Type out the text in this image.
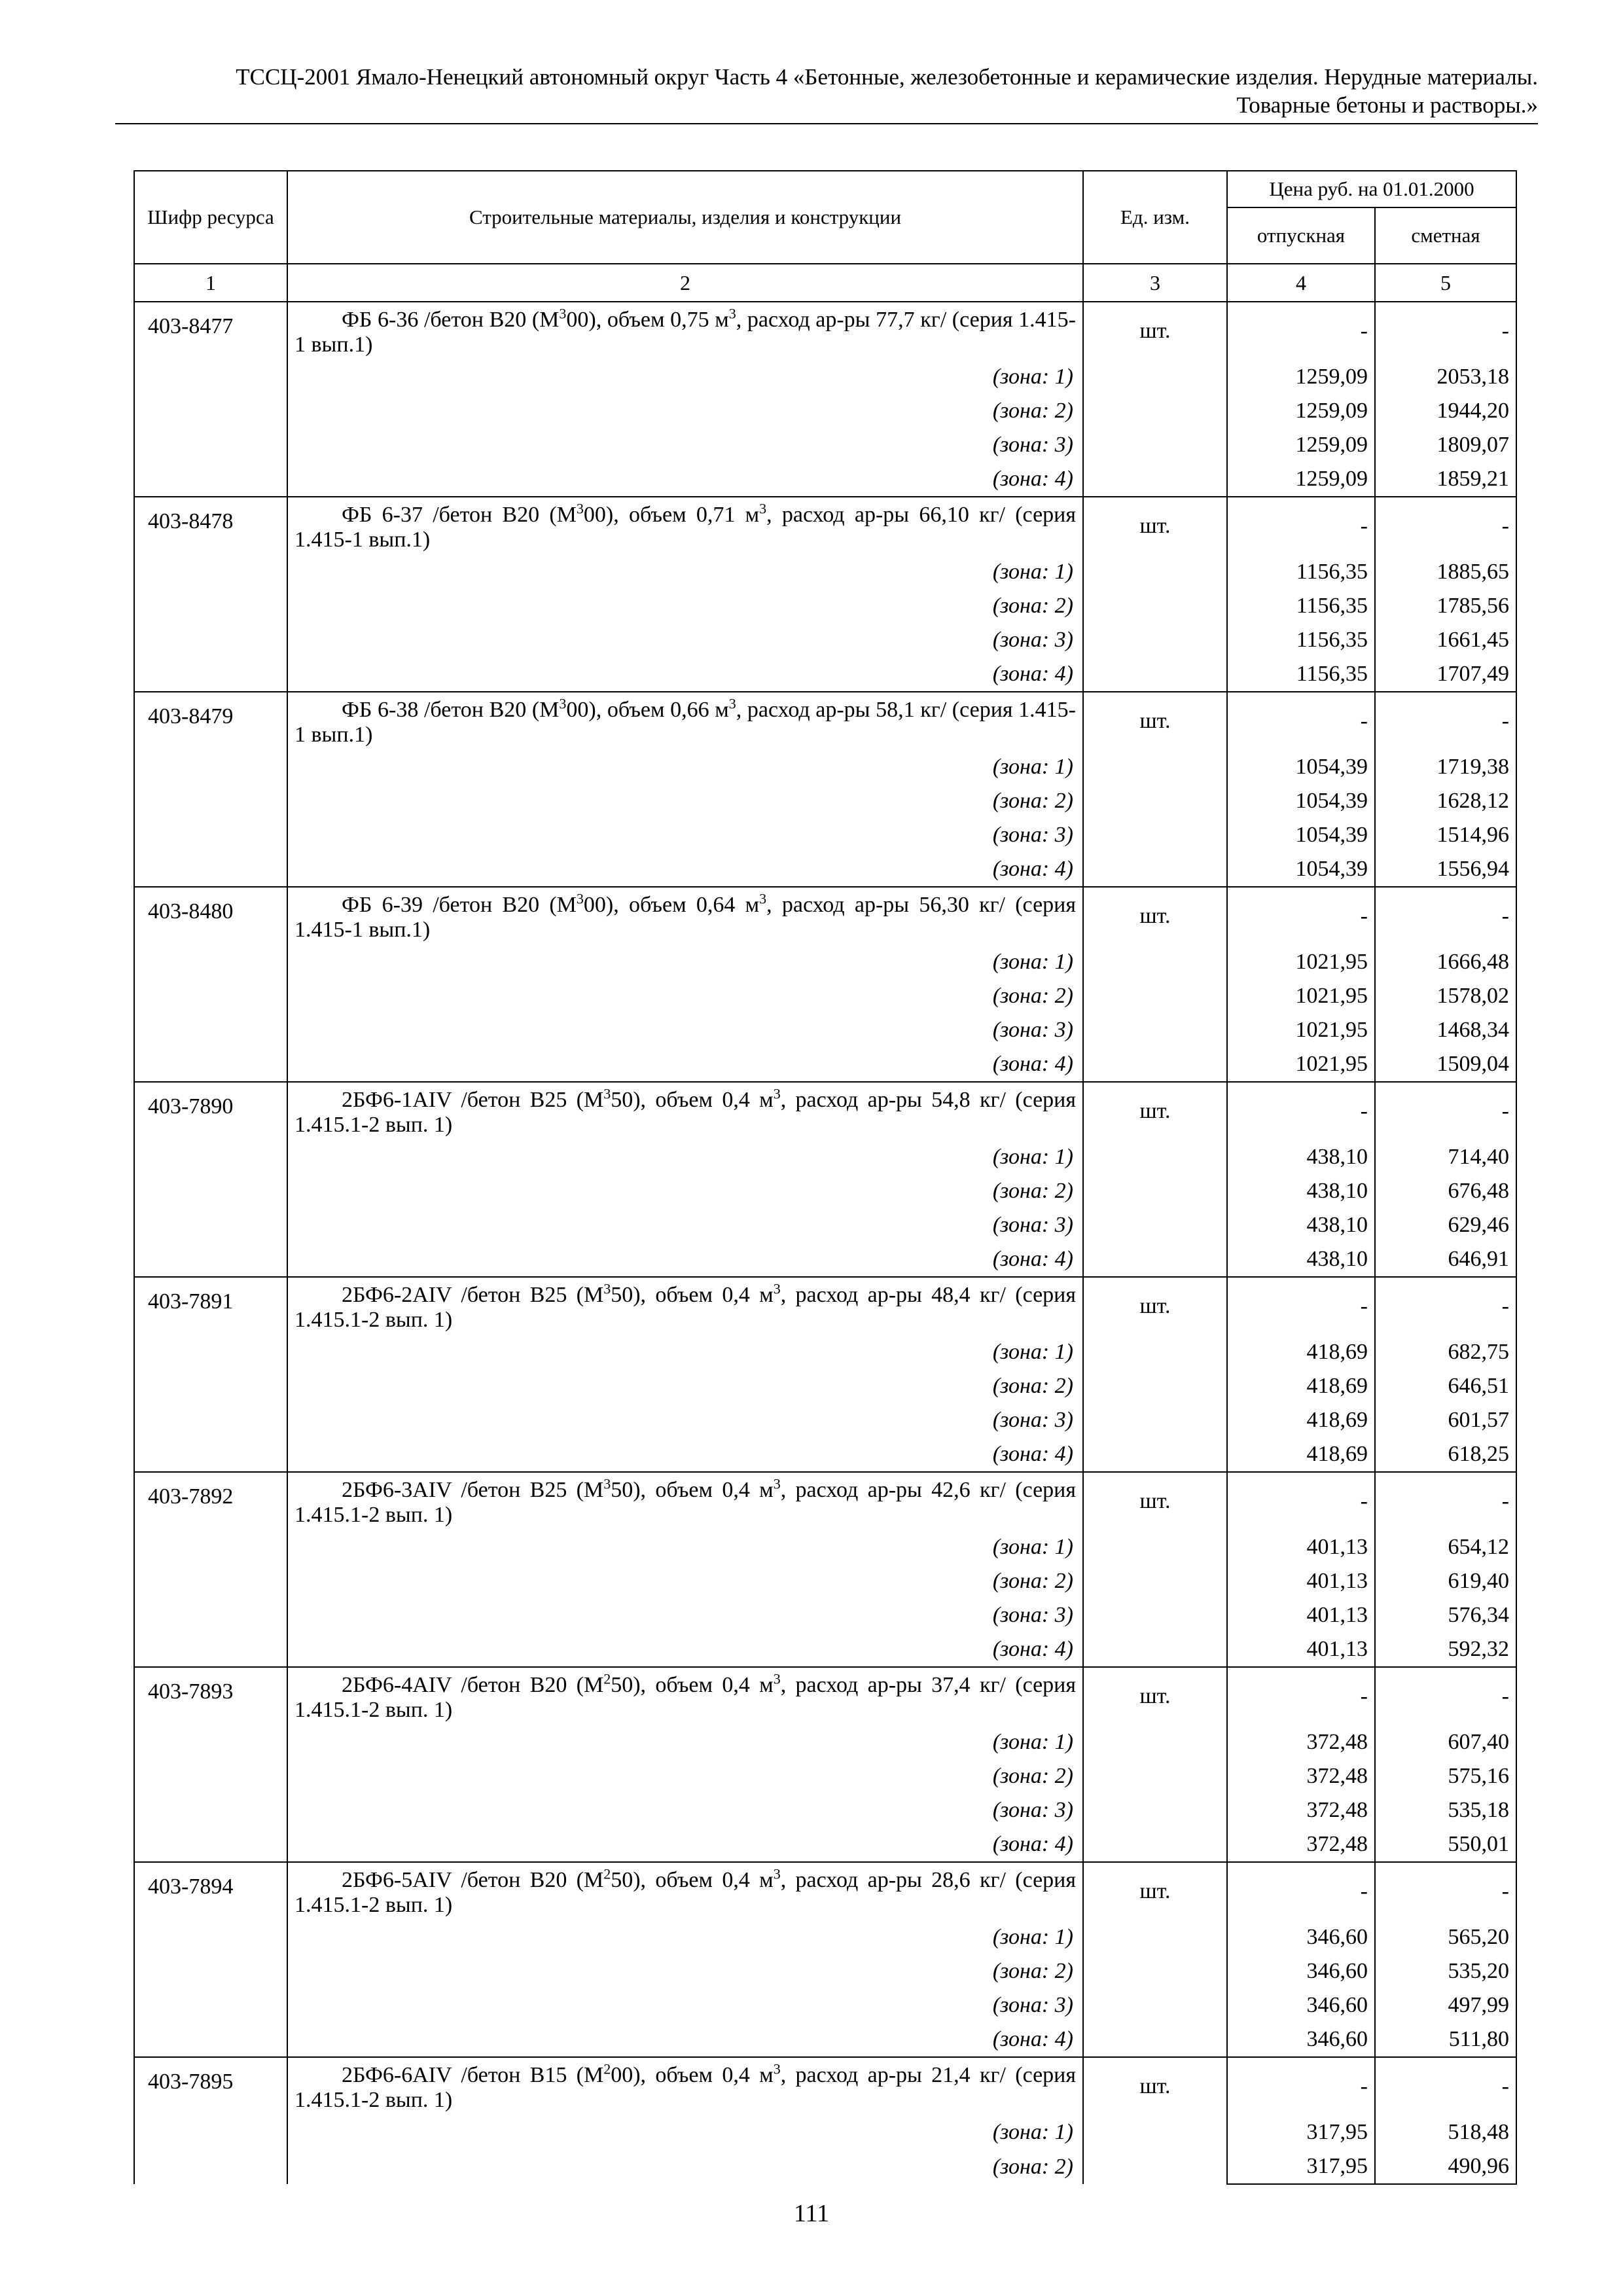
ТССЦ-2001 Ямало-Ненецкий автономный округ Часть 4 «Бетонные, железобетонные и керамические изделия. Нерудные материалы.
Товарные бетоны и растворы.»
Шифр ресурса	Строительные материалы, изделия и конструкции	Ед. изм.	Цена руб. на 01.01.2000	
			отпускная	сметная
1	2	3	4	5
403-8477	ФБ 6-36 /бетон В20 $(М^300)$, объем 0,75 $м^3$, расход ар-ры 77,7 кг/ (серия 1.415-1 вып.1)	шт.	-	-
	(зона: 1)		1259,09	2053,18
	(зона: 2)		1259,09	1944,20
	(зона: 3)		1259,09	1809,07
	(зона: 4)		1259,09	1859,21
403-8478	ФБ 6-37 /бетон В20 $(М^300)$, объем 0,71 $м^3$, расход ар-ры 66,10 кг/ (серия 1.415-1 вып.1)	шт.	-	-
	(зона: 1)		1156,35	1885,65
	(зона: 2)		1156,35	1785,56
	(зона: 3)		1156,35	1661,45
	(зона: 4)		1156,35	1707,49
403-8479	ФБ 6-38 /бетон В20 $(М^300)$, объем 0,66 $м^3$, расход ар-ры 58,1 кг/ (серия 1.415-1 вып.1)	шт.	-	-
	(зона: 1)		1054,39	1719,38
	(зона: 2)		1054,39	1628,12
	(зона: 3)		1054,39	1514,96
	(зона: 4)		1054,39	1556,94
403-8480	ФБ 6-39 /бетон В20 $(М^300)$, объем 0,64 $м^3$, расход ар-ры 56,30 кг/ (серия 1.415-1 вып.1)	шт.	-	-
	(зона: 1)		1021,95	1666,48
	(зона: 2)		1021,95	1578,02
	(зона: 3)		1021,95	1468,34
	(зона: 4)		1021,95	1509,04
403-7890	2БФ6-1АIV /бетон В25 $(М^350)$, объем 0,4 $м^3$, расход ар-ры 54,8 кг/ (серия 1.415.1-2 вып. 1)	шт.	-	-
	(зона: 1)		438,10	714,40
	(зона: 2)		438,10	676,48
	(зона: 3)		438,10	629,46
	(зона: 4)		438,10	646,91
403-7891	2БФ6-2АIV /бетон В25 $(М^350)$, объем 0,4 $м^3$, расход ар-ры 48,4 кг/ (серия 1.415.1-2 вып. 1)	шт.	-	-
	(зона: 1)		418,69	682,75
	(зона: 2)		418,69	646,51
	(зона: 3)		418,69	601,57
	(зона: 4)		418,69	618,25
403-7892	2БФ6-3АIV /бетон В25 $(М^350)$, объем 0,4 $м^3$, расход ар-ры 42,6 кг/ (серия 1.415.1-2 вып. 1)	шт.	-	-
	(зона: 1)		401,13	654,12
	(зона: 2)		401,13	619,40
	(зона: 3)		401,13	576,34
	(зона: 4)		401,13	592,32
403-7893	2БФ6-4АIV /бетон В20 $(М^250)$, объем 0,4 $м^3$, расход ар-ры 37,4 кг/ (серия 1.415.1-2 вып. 1)	шт.	-	-
	(зона: 1)		372,48	607,40
	(зона: 2)		372,48	575,16
	(зона: 3)		372,48	535,18
	(зона: 4)		372,48	550,01
403-7894	2БФ6-5АIV /бетон В20 $(М^250)$, объем 0,4 $м^3$, расход ар-ры 28,6 кг/ (серия 1.415.1-2 вып. 1)	шт.	-	-
	(зона: 1)		346,60	565,20
	(зона: 2)		346,60	535,20
	(зона: 3)		346,60	497,99
	(зона: 4)		346,60	511,80
403-7895	2БФ6-6АIV /бетон В15 $(М^200)$, объем 0,4 $м^3$, расход ар-ры 21,4 кг/ (серия 1.415.1-2 вып. 1)	шт.	-	-
	(зона: 1)		317,95	518,48
	(зона: 2)		317,95	490,96
111
